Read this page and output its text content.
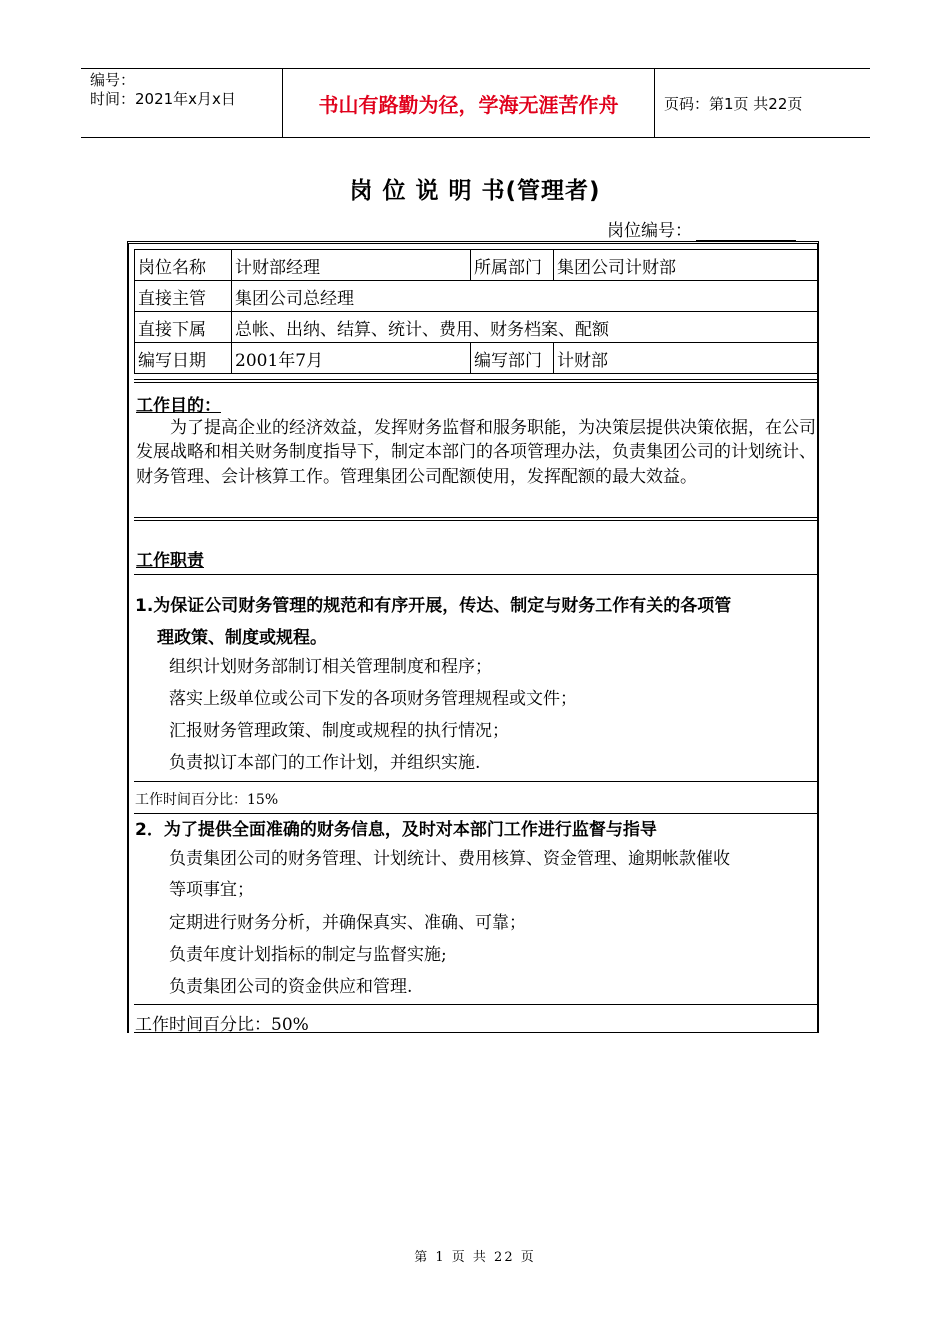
编号：
时间：2021年x月x日	书山有路勤为径，学海无涯苦作舟	页码：第1页 共22页
岗 位 说 明 书(管理者)
岗位编号：
岗位名称	计财部经理	所属部门	集团公司计财部
直接主管	集团公司总经理		
直接下属	总帐、出纳、结算、统计、费用、财务档案、配额		
编写日期	2001年7月	编写部门	计财部
工作目的：

为了提高企业的经济效益，发挥财务监督和服务职能，为决策层提供决策依据，在公司发展战略和相关财务制度指导下，制定本部门的各项管理办法，负责集团公司的计划统计、财务管理、会计核算工作。管理集团公司配额使用，发挥配额的最大效益。

工作职责
1.为保证公司财务管理的规范和有序开展，传达、制定与财务工作有关的各项管
理政策、制度或规程。
组织计划财务部制订相关管理制度和程序；
落实上级单位或公司下发的各项财务管理规程或文件；
汇报财务管理政策、制度或规程的执行情况；
负责拟订本部门的工作计划，并组织实施.
工作时间百分比：15%
2．为了提供全面准确的财务信息，及时对本部门工作进行监督与指导
负责集团公司的财务管理、计划统计、费用核算、资金管理、逾期帐款催收
等项事宜；
定期进行财务分析，并确保真实、准确、可靠；
负责年度计划指标的制定与监督实施;
负责集团公司的资金供应和管理.
工作时间百分比：50%
第 1 页 共 22 页
